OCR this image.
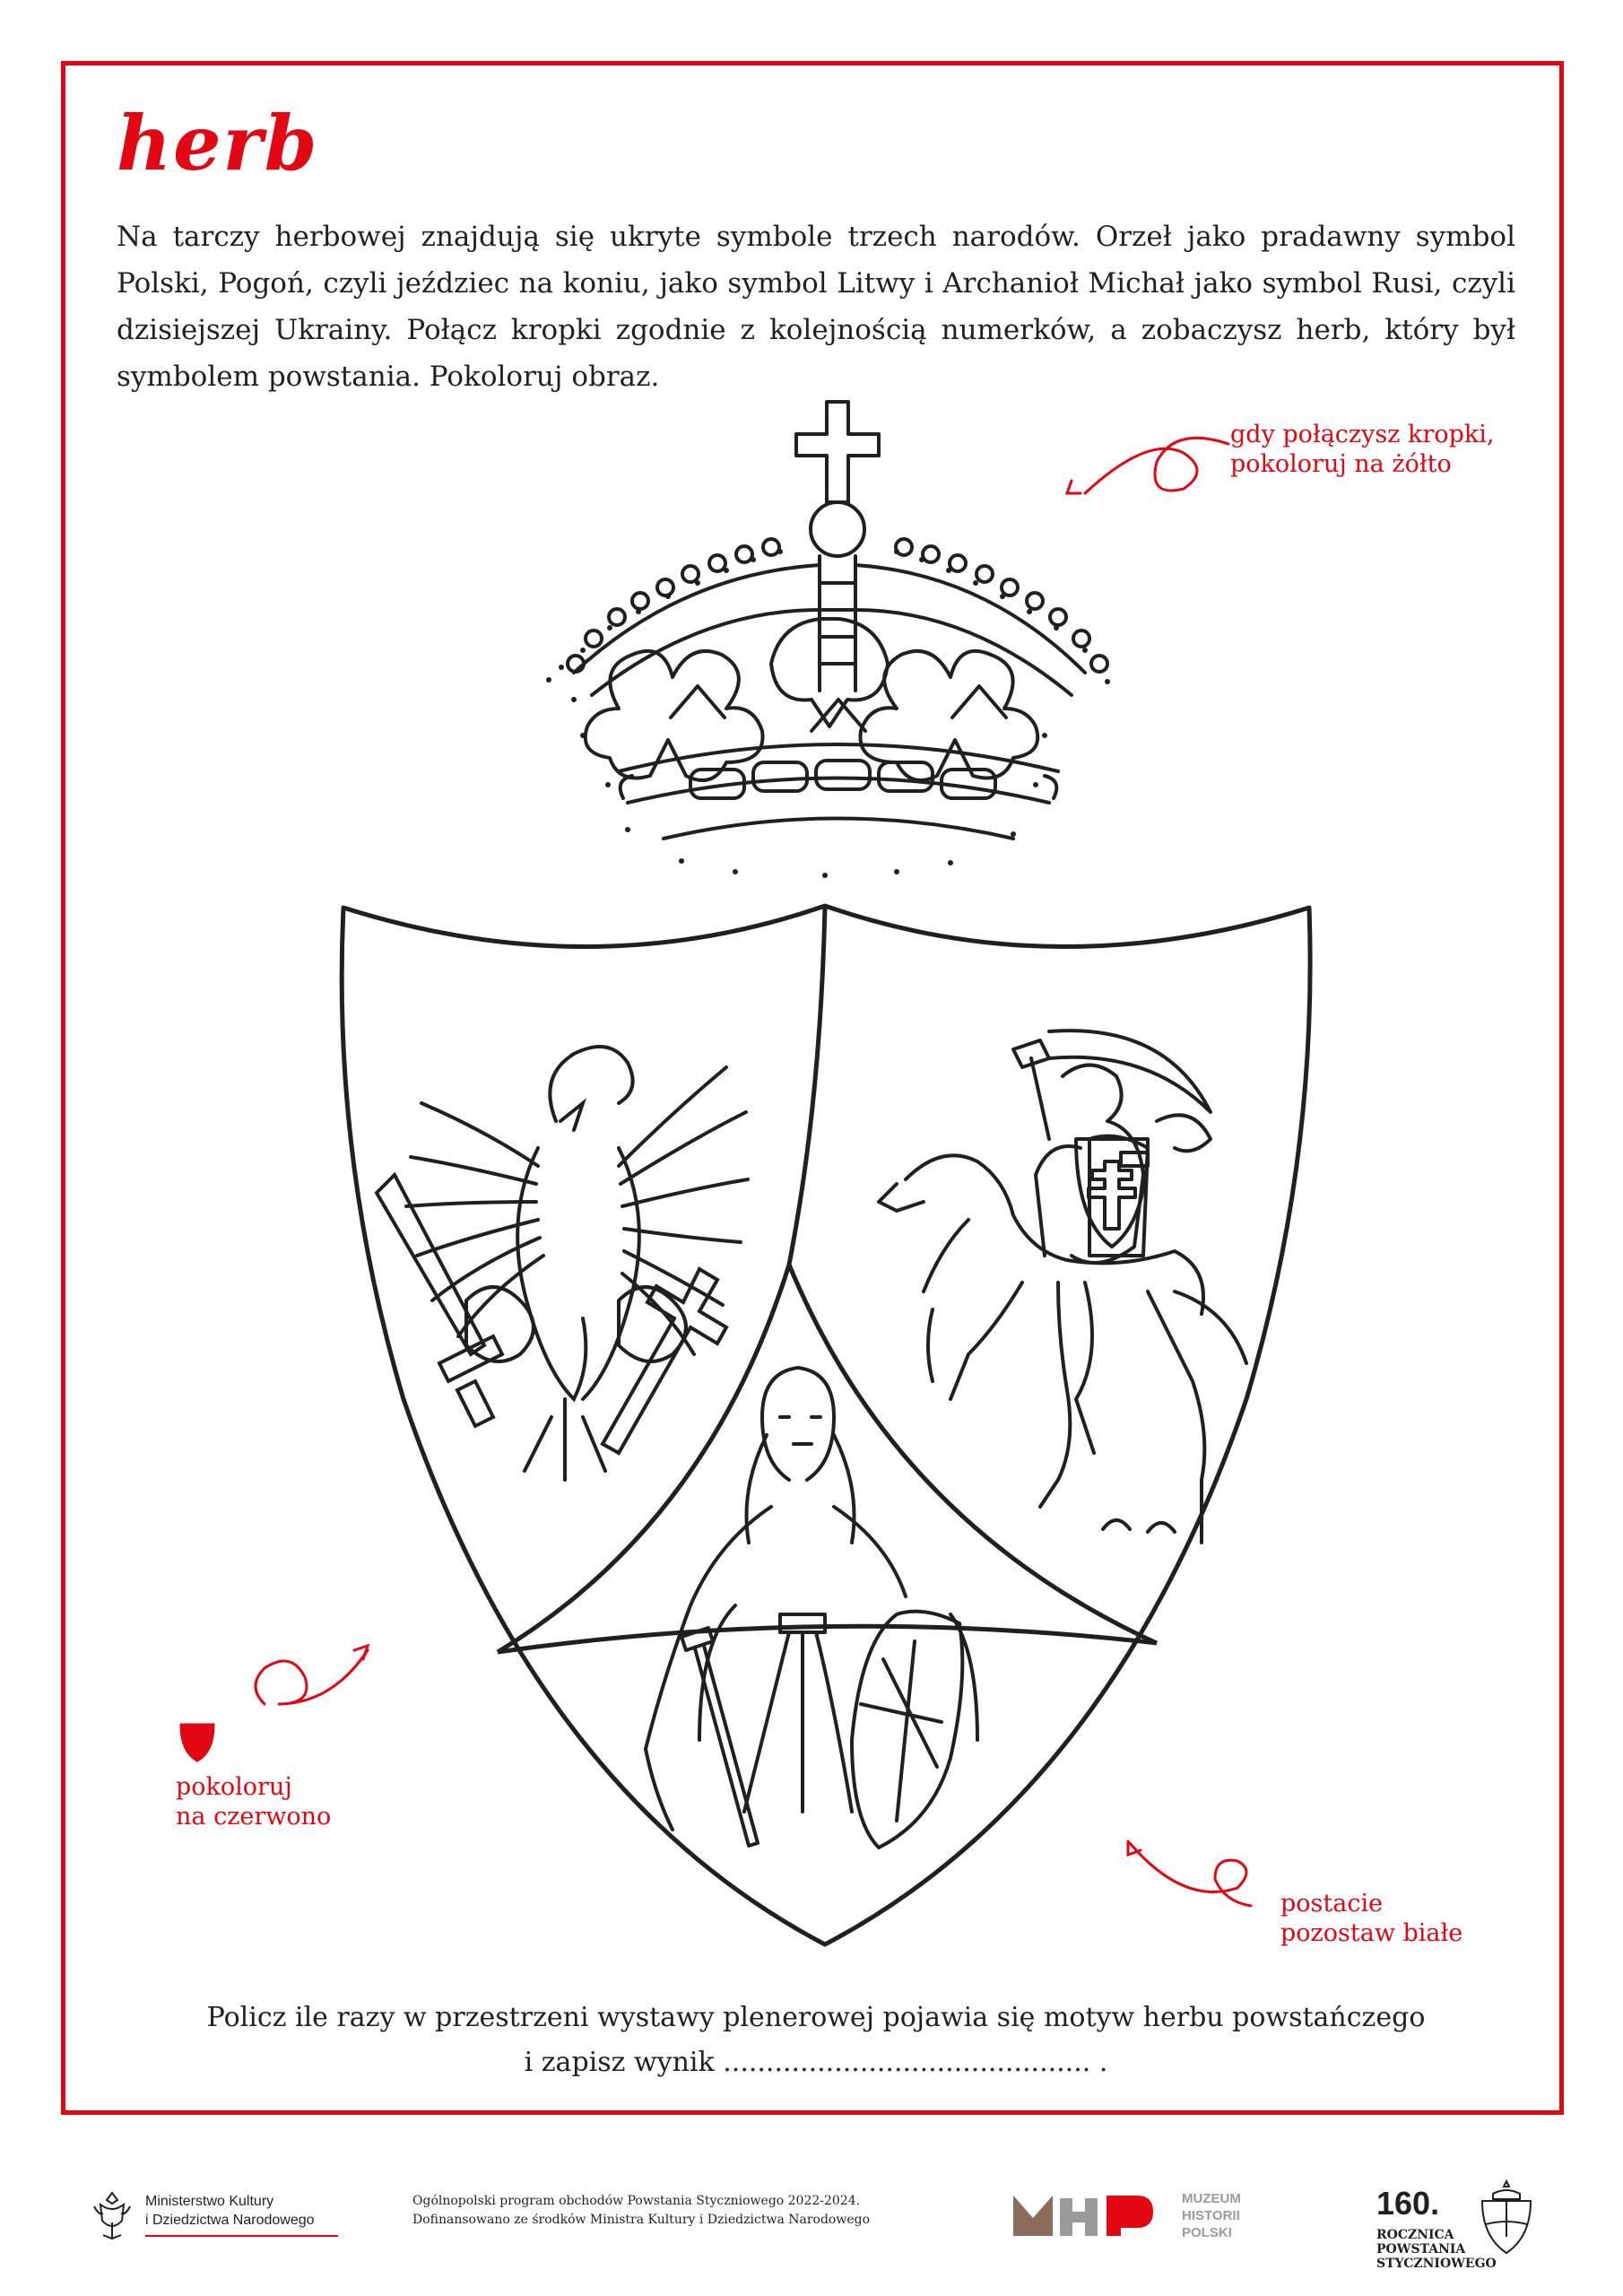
herb

Na tarczy herbowej znajdują się ukryte symbole trzech narodów. Orzeł jako pradawny symbol Polski, Pogoń, czyli jeździec na koniu, jako symbol Litwy i Archanioł Michał jako symbol Rusi, czyli dzisiejszej Ukrainy. Połącz kropki zgodnie z kolejnością numerków, a zobaczysz herb, który był symbolem powstania. Pokoloruj obraz.

gdy połączysz kropki,
pokoloruj na żółto
pokoloruj
na czerwono
postacie
pozostaw białe
Policz ile razy w przestrzeni wystawy plenerowej pojawia się motyw herbu powstańczego
i zapisz wynik ........................................... .
Ministerstwo Kultury
i Dziedzictwa Narodowego
Ogólnopolski program obchodów Powstania Styczniowego 2022-2024.
Dofinansowano ze środków Ministra Kultury i Dziedzictwa Narodowego
MUZEUM
HISTORII
POLSKI
160.
ROCZNICA
POWSTANIA
STYCZNIOWEGO
